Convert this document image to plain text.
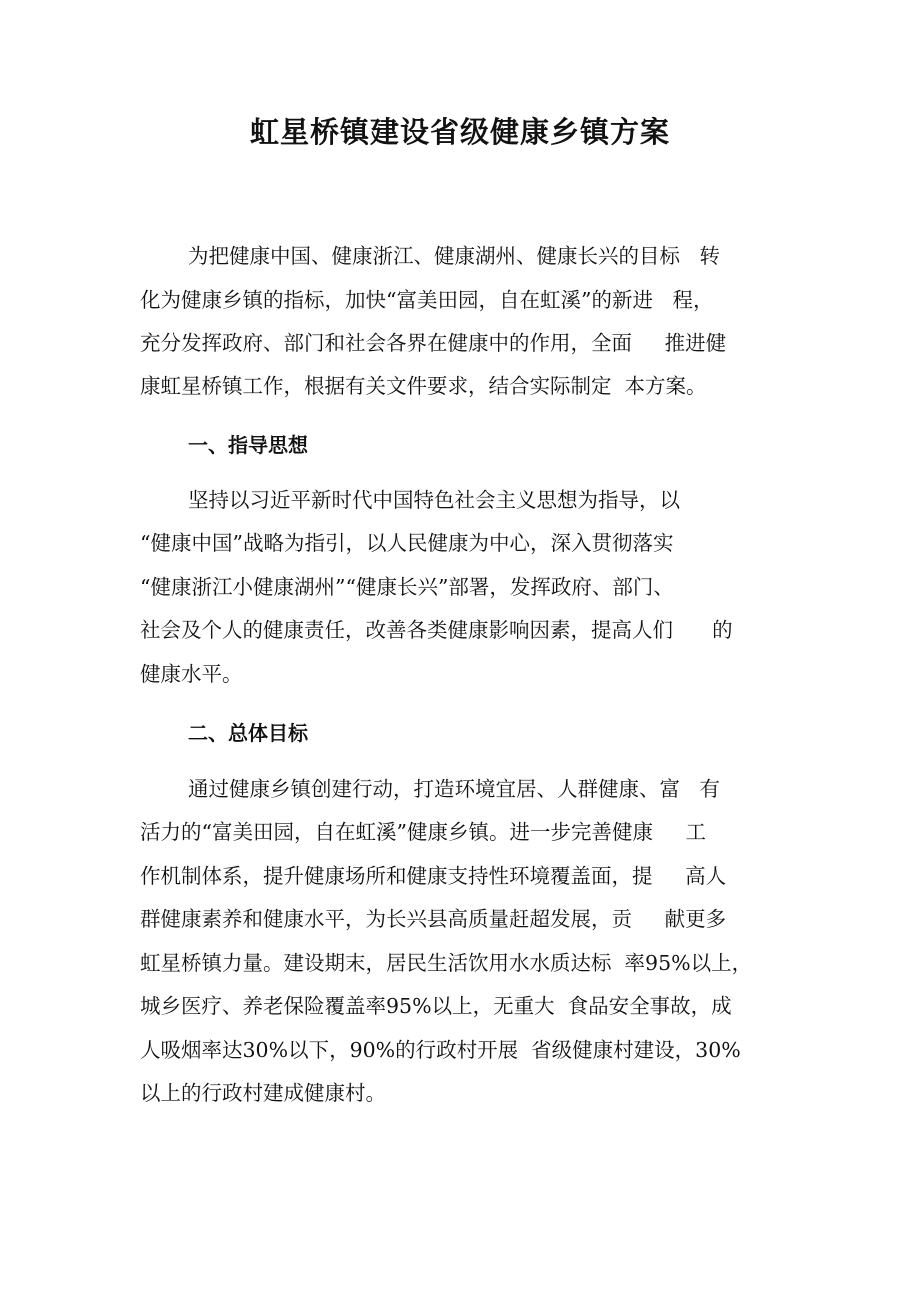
虹星桥镇建设省级健康乡镇方案
为把健康中国、健康浙江、健康湖州、健康长兴的目标   转
化为健康乡镇的指标，加快“富美田园，自在虹溪”的新进   程，
充分发挥政府、部门和社会各界在健康中的作用，全面     推进健
康虹星桥镇工作，根据有关文件要求，结合实际制定  本方案。
一、指导思想
坚持以习近平新时代中国特色社会主义思想为指导，以
“健康中国”战略为指引，以人民健康为中心，深入贯彻落实
“健康浙江小健康湖州”“健康长兴”部署，发挥政府、部门、
社会及个人的健康责任，改善各类健康影响因素，提高人们      的
健康水平。
二、总体目标
通过健康乡镇创建行动，打造环境宜居、人群健康、富   有
活力的“富美田园，自在虹溪”健康乡镇。进一步完善健康     工
作机制体系，提升健康场所和健康支持性环境覆盖面，提     高人
群健康素养和健康水平，为长兴县高质量赶超发展，贡     献更多
虹星桥镇力量。建设期末，居民生活饮用水水质达标  率95%以上，
城乡医疗、养老保险覆盖率95%以上，无重大  食品安全事故，成
人吸烟率达30%以下，90%的行政村开展  省级健康村建设，30%
以上的行政村建成健康村。
